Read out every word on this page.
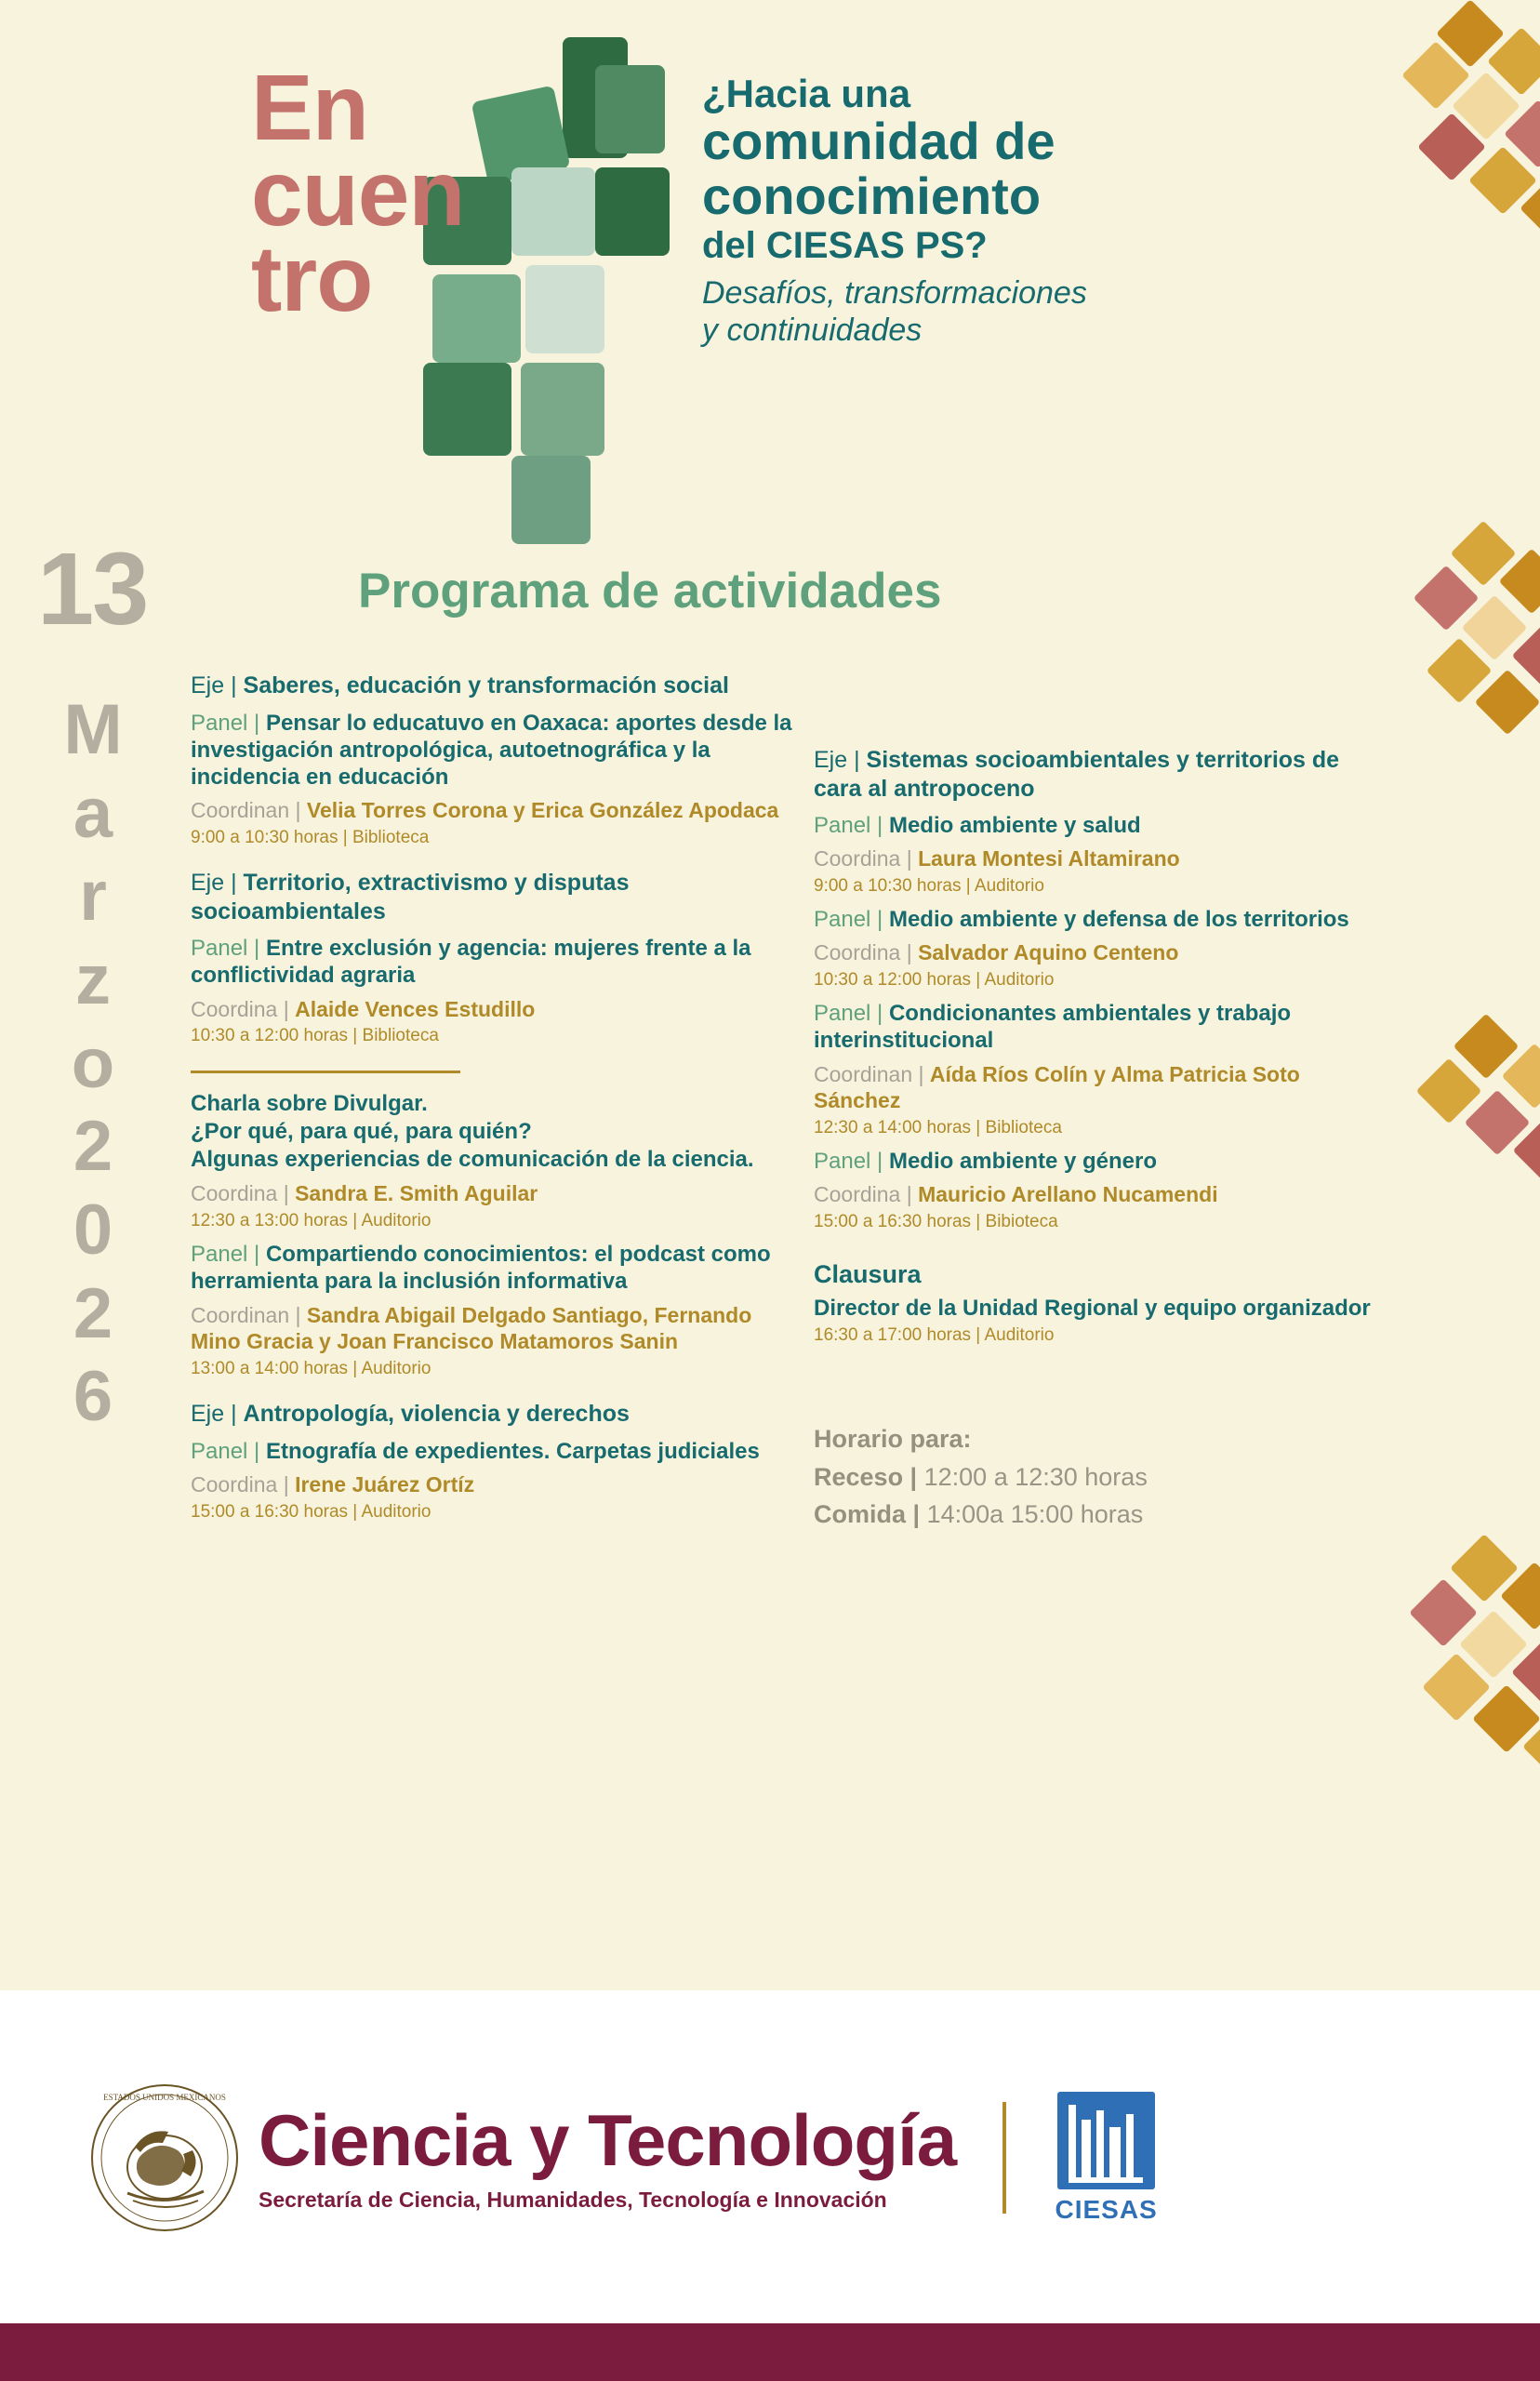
En
cuen
tro
¿Hacia una
comunidad de
conocimiento
del CIESAS PS?
Desafíos, transformaciones
y continuidades
13
M
a
r
z
o
2
0
2
6
Programa de actividades
Eje | Saberes, educación y transformación social
Panel | Pensar lo educatuvo en Oaxaca: aportes desde la investigación antropológica, autoetnográfica y la incidencia en educación
Coordinan | Velia Torres Corona y Erica González Apodaca
9:00 a 10:30 horas | Biblioteca
Eje | Territorio, extractivismo y disputas socioambientales
Panel | Entre exclusión y agencia: mujeres frente a la conflictividad agraria
Coordina | Alaide Vences Estudillo
10:30 a 12:00 horas | Biblioteca
Charla sobre Divulgar.
¿Por qué, para qué, para quién?
Algunas experiencias de comunicación de la ciencia.
Coordina | Sandra E. Smith Aguilar
12:30 a 13:00 horas | Auditorio
Panel | Compartiendo conocimientos: el podcast como herramienta para la inclusión informativa
Coordinan | Sandra Abigail Delgado Santiago, Fernando Mino Gracia y Joan Francisco Matamoros Sanin
13:00 a 14:00 horas | Auditorio
Eje | Antropología, violencia y derechos
Panel | Etnografía de expedientes. Carpetas judiciales
Coordina | Irene Juárez Ortíz
15:00 a 16:30 horas | Auditorio
Eje | Sistemas socioambientales y territorios de cara al antropoceno
Panel | Medio ambiente y salud
Coordina | Laura Montesi Altamirano
9:00 a 10:30 horas | Auditorio
Panel | Medio ambiente y defensa de los territorios
Coordina | Salvador Aquino Centeno
10:30 a 12:00 horas | Auditorio
Panel | Condicionantes ambientales y trabajo interinstitucional
Coordinan | Aída Ríos Colín y Alma Patricia Soto Sánchez
12:30 a 14:00 horas | Biblioteca
Panel | Medio ambiente y género
Coordina | Mauricio Arellano Nucamendi
15:00 a 16:30 horas | Bibioteca
Clausura
Director de la Unidad Regional y equipo organizador
16:30 a 17:00 horas | Auditorio
Horario para:
Receso | 12:00 a 12:30 horas
Comida | 14:00a 15:00 horas
ESTADOS UNIDOS MEXICANOS
Ciencia y Tecnología
Secretaría de Ciencia, Humanidades, Tecnología e Innovación	CIESAS
